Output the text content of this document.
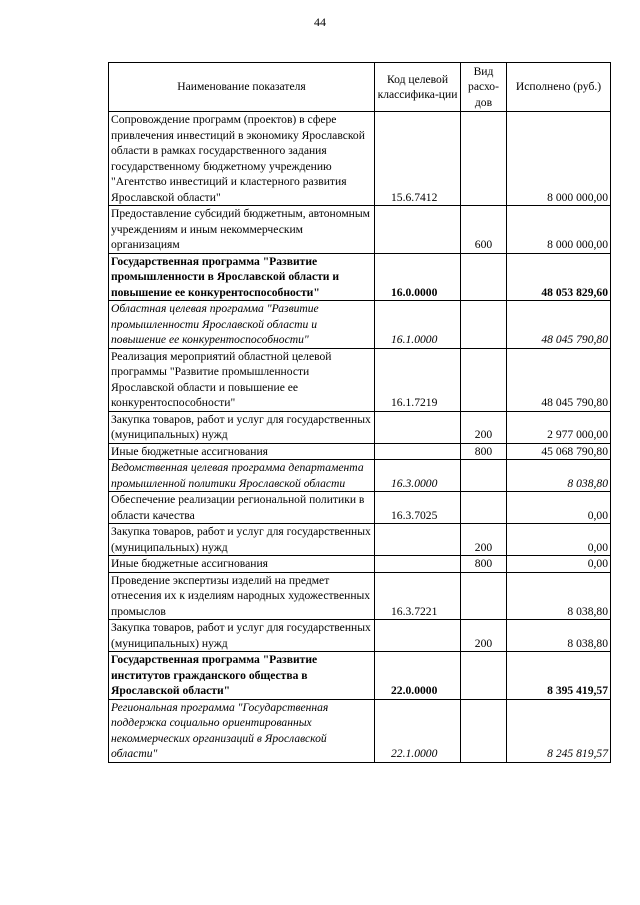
44
Наименование показателя	Код целевой классифика-ции	Вид расхо-дов	Исполнено (руб.)
Сопровождение программ (проектов) в сфере привлечения инвестиций в экономику Ярославской области в рамках государственного задания государственному бюджетному учреждению "Агентство инвестиций и кластерного развития Ярославской области"	15.6.7412		8 000 000,00
Предоставление субсидий бюджетным, автономным учреждениям и иным некоммерческим организациям		600	8 000 000,00
Государственная программа "Развитие промышленности в Ярославской области и повышение ее конкурентоспособности"	16.0.0000		48 053 829,60
Областная целевая программа "Развитие промышленности Ярославской области и повышение ее конкурентоспособности"	16.1.0000		48 045 790,80
Реализация мероприятий областной целевой программы "Развитие промышленности Ярославской области и повышение ее конкурентоспособности"	16.1.7219		48 045 790,80
Закупка товаров, работ и услуг для государственных (муниципальных) нужд		200	2 977 000,00
Иные бюджетные ассигнования		800	45 068 790,80
Ведомственная целевая программа департамента промышленной политики Ярославской области	16.3.0000		8 038,80
Обеспечение реализации региональной политики в области качества	16.3.7025		0,00
Закупка товаров, работ и услуг для государственных (муниципальных) нужд		200	0,00
Иные бюджетные ассигнования		800	0,00
Проведение экспертизы изделий на предмет отнесения их к изделиям народных художественных промыслов	16.3.7221		8 038,80
Закупка товаров, работ и услуг для государственных (муниципальных) нужд		200	8 038,80
Государственная программа "Развитие институтов гражданского общества в Ярославской области"	22.0.0000		8 395 419,57
Региональная программа "Государственная поддержка социально ориентированных некоммерческих организаций в Ярославской области"	22.1.0000		8 245 819,57
